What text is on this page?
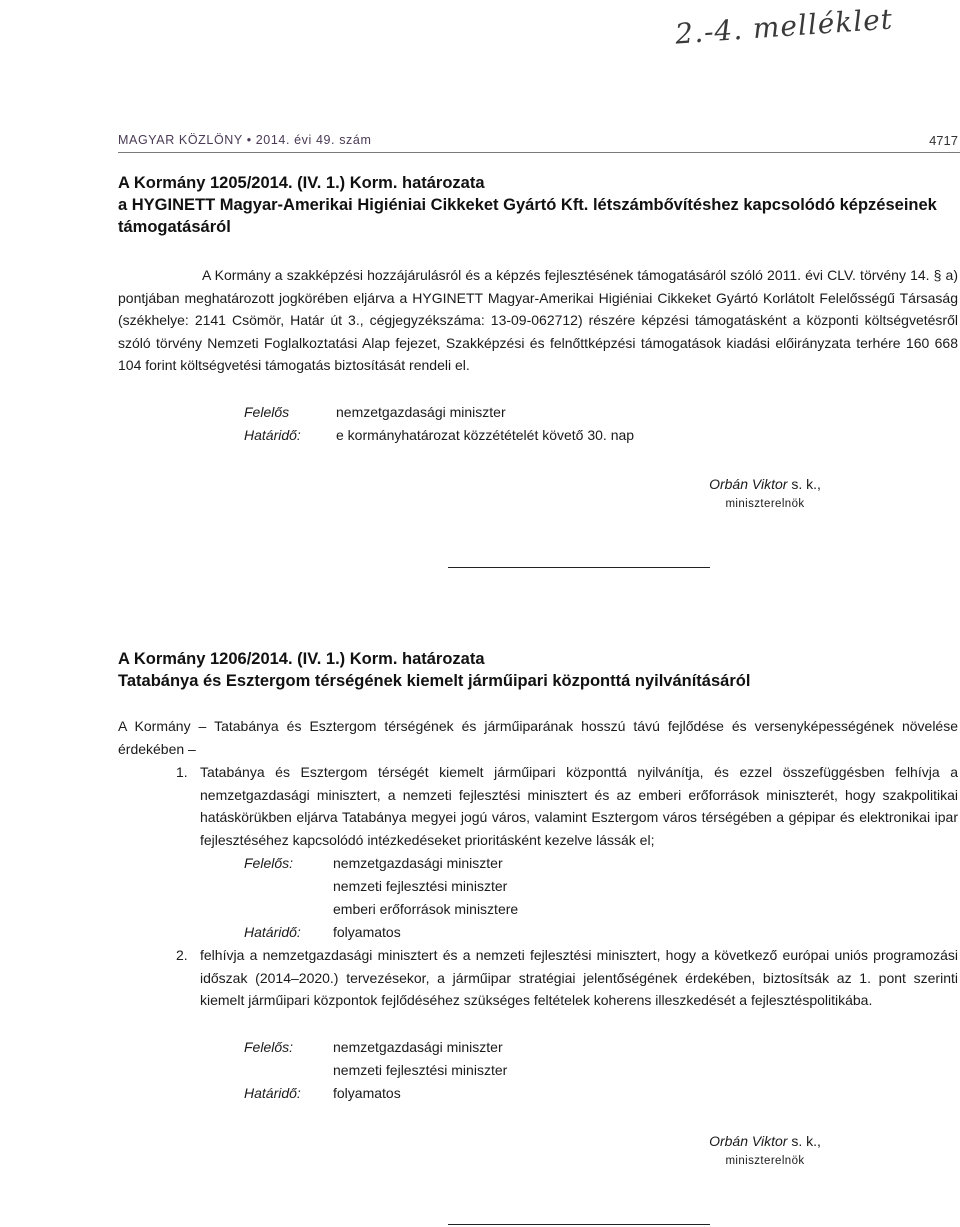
2.-4. melléklet
MAGYAR KÖZLÖNY • 2014. évi 49. szám	4717
A Kormány 1205/2014. (IV. 1.) Korm. határozata
a HYGINETT Magyar-Amerikai Higiéniai Cikkeket Gyártó Kft. létszámbővítéshez kapcsolódó képzéseinek
támogatásáról

A Kormány a szakképzési hozzájárulásról és a képzés fejlesztésének támogatásáról szóló 2011. évi CLV. törvény 14. § a) pontjában meghatározott jogkörében eljárva a HYGINETT Magyar-Amerikai Higiéniai Cikkeket Gyártó Korlátolt Felelősségű Társaság (székhelye: 2141 Csömör, Határ út 3., cégjegyzékszáma: 13-09-062712) részére képzési támogatásként a központi költségvetésről szóló törvény Nemzeti Foglalkoztatási Alap fejezet, Szakképzési és felnőttképzési támogatások kiadási előirányzata terhére 160 668 104 forint költségvetési támogatás biztosítását rendeli el.

Felelős	nemzetgazdasági miniszter
Határidő:	e kormányhatározat közzétételét követő 30. nap
Orbán Viktor s. k.,
miniszterelnök
A Kormány 1206/2014. (IV. 1.) Korm. határozata
Tatabánya és Esztergom térségének kiemelt járműipari központtá nyilvánításáról

A Kormány – Tatabánya és Esztergom térségének és járműiparának hosszú távú fejlődése és versenyképességének növelése érdekében –

1. Tatabánya és Esztergom térségét kiemelt járműipari központtá nyilvánítja, és ezzel összefüggésben felhívja a nemzetgazdasági minisztert, a nemzeti fejlesztési minisztert és az emberi erőforrások miniszterét, hogy szakpolitikai hatáskörükben eljárva Tatabánya megyei jogú város, valamint Esztergom város térségében a gépipar és elektronikai ipar fejlesztéséhez kapcsolódó intézkedéseket prioritásként kezelve lássák el;
Felelős:	nemzetgazdasági miniszter
nemzeti fejlesztési miniszter
emberi erőforrások minisztere
Határidő: folyamatos
2. felhívja a nemzetgazdasági minisztert és a nemzeti fejlesztési minisztert, hogy a következő európai uniós programozási időszak (2014–2020.) tervezésekor, a járműipar stratégiai jelentőségének érdekében, biztosítsák az 1. pont szerinti kiemelt járműipari központok fejlődéséhez szükséges feltételek koherens illeszkedését a fejlesztéspolitikába.
Felelős:	nemzetgazdasági miniszter
nemzeti fejlesztési miniszter
Határidő: folyamatos
Orbán Viktor s. k.,
miniszterelnök
